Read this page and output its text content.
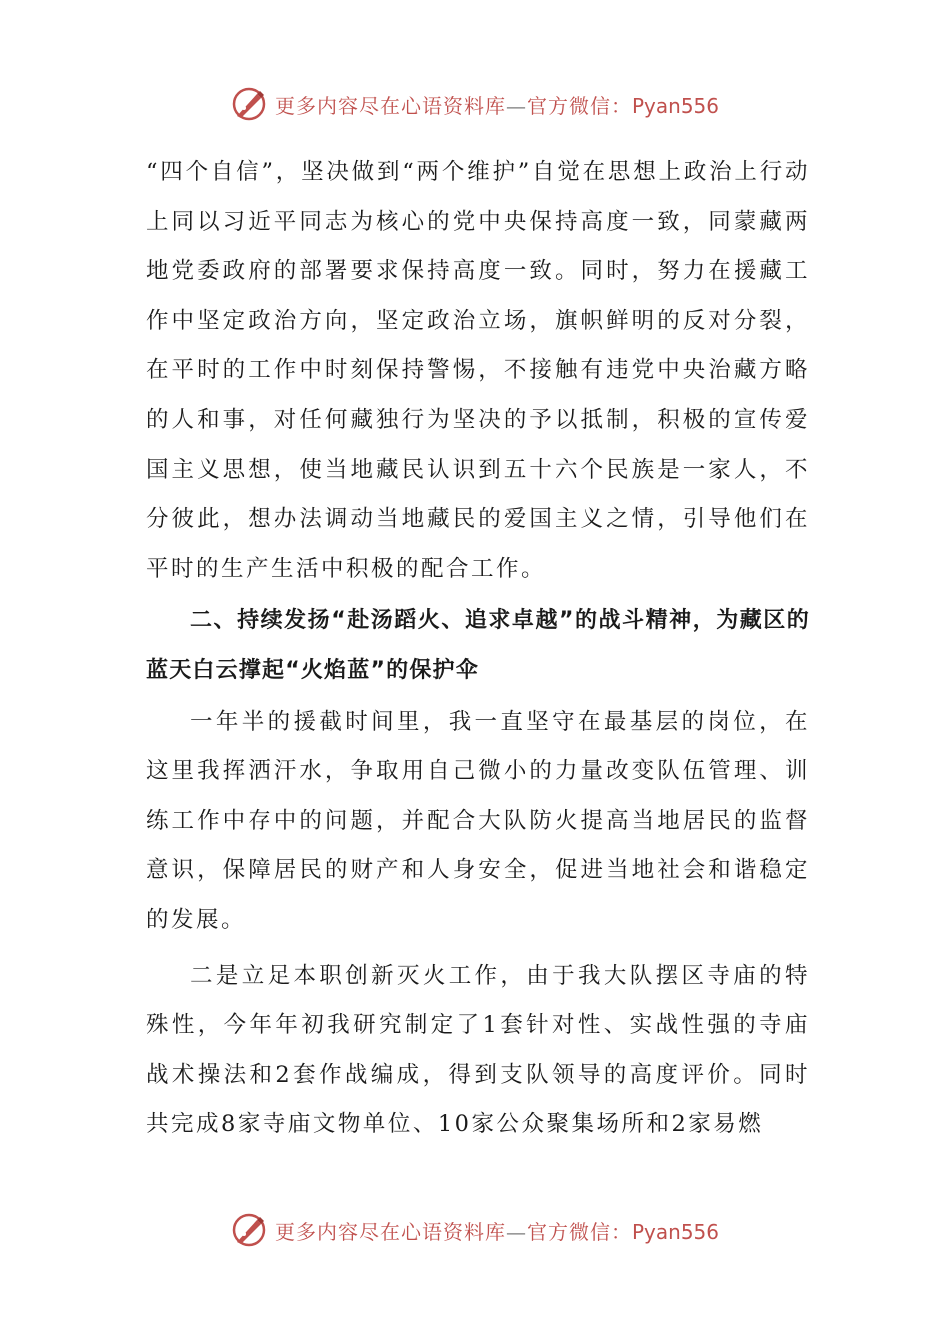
更多内容尽在心语资料库—官方微信：Pyan556

“四个自信”，坚决做到“两个维护”自觉在思想上政治上行动上同以习近平同志为核心的党中央保持高度一致，同蒙藏两地党委政府的部署要求保持高度一致。同时，努力在援藏工作中坚定政治方向，坚定政治立场，旗帜鲜明的反对分裂，在平时的工作中时刻保持警惕，不接触有违党中央治藏方略的人和事，对任何藏独行为坚决的予以抵制，积极的宣传爱国主义思想，使当地藏民认识到五十六个民族是一家人，不分彼此，想办法调动当地藏民的爱国主义之情，引导他们在平时的生产生活中积极的配合工作。

二、持续发扬“赴汤蹈火、追求卓越”的战斗精神，为藏区的蓝天白云撑起“火焰蓝”的保护伞

一年半的援截时间里，我一直坚守在最基层的岗位，在这里我挥洒汗水，争取用自己微小的力量改变队伍管理、训练工作中存中的问题，并配合大队防火提高当地居民的监督意识，保障居民的财产和人身安全，促进当地社会和谐稳定的发展。

二是立足本职创新灭火工作，由于我大队摆区寺庙的特殊性，今年年初我研究制定了1套针对性、实战性强的寺庙战术操法和2套作战编成，得到支队领导的高度评价。同时共完成8家寺庙文物单位、10家公众聚集场所和2家易燃

更多内容尽在心语资料库—官方微信：Pyan556
